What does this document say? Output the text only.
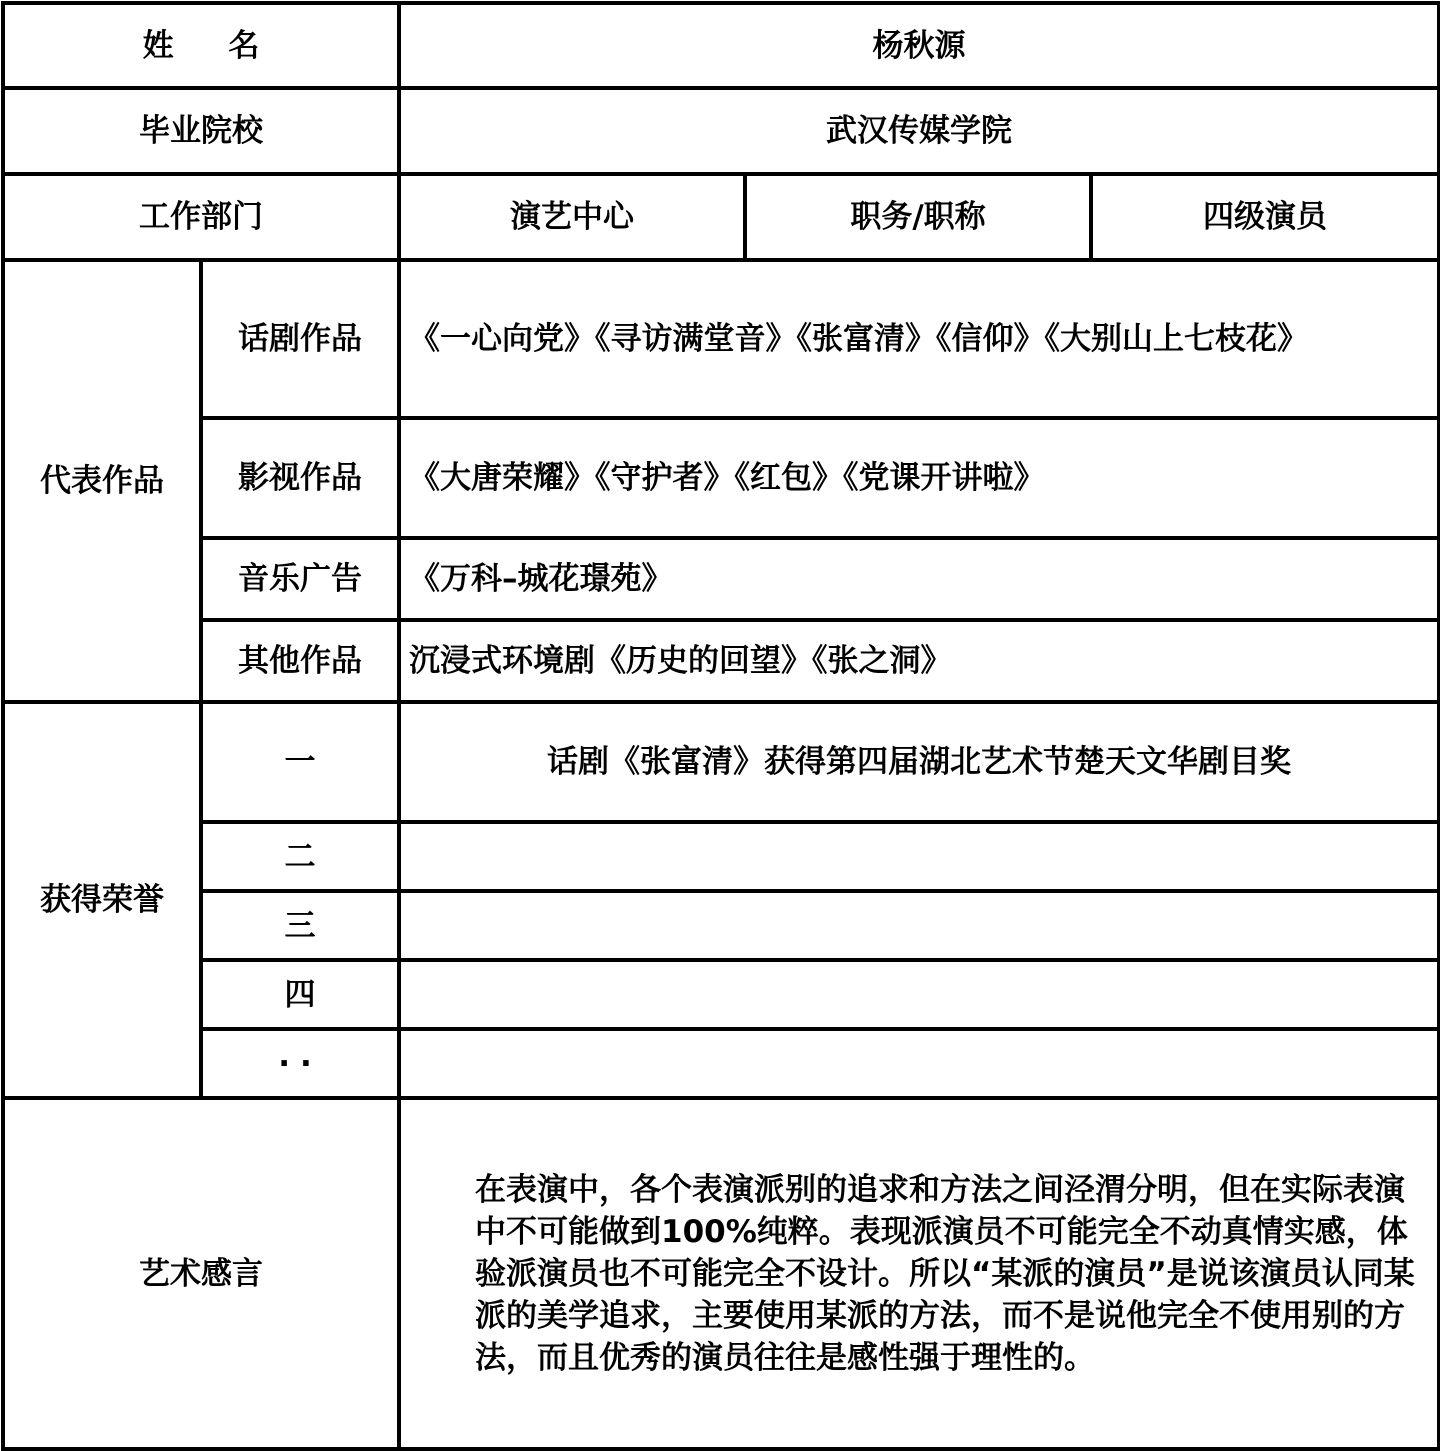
姓 名		杨秋源		
毕业院校		武汉传媒学院		
工作部门		演艺中心	职务/职称	四级演员
代表作品	话剧作品	《一心向党》《寻访满堂音》《张富清》《信仰》《大别山上七枝花》		
	影视作品	《大唐荣耀》《守护者》《红包》《党课开讲啦》		
	音乐广告	《万科–城花璟苑》		
	其他作品	沉浸式环境剧《历史的回望》《张之洞》		
获得荣誉	一	话剧《张富清》获得第四届湖北艺术节楚天文华剧目奖		
	二			
	三			
	四			
	··			
艺术感言		在表演中，各个表演派别的追求和方法之间泾渭分明，但在实际表演中不可能做到100%纯粹。表现派演员不可能完全不动真情实感，体验派演员也不可能完全不设计。所以“某派的演员”是说该演员认同某派的美学追求，主要使用某派的方法，而不是说他完全不使用别的方法，而且优秀的演员往往是感性强于理性的。		
